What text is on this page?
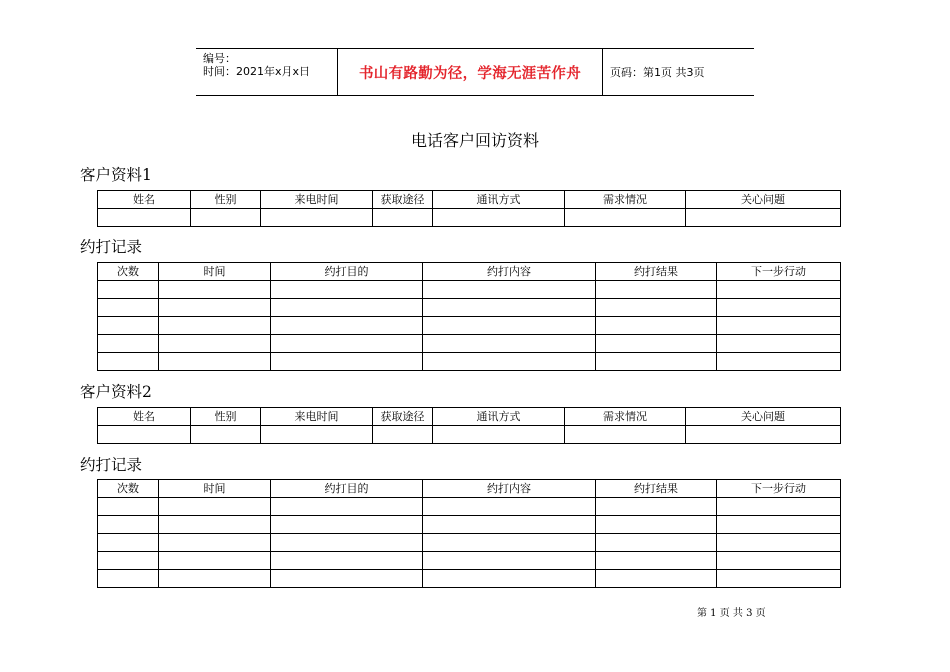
编号：
时间：2021年x月x日	书山有路勤为径，学海无涯苦作舟	页码：第1页 共3页
电话客户回访资料
客户资料1
姓名	性别	来电时间	获取途径	通讯方式	需求情况	关心问题

约打记录
次数	时间	约打目的	约打内容	约打结果	下一步行动

客户资料2
姓名	性别	来电时间	获取途径	通讯方式	需求情况	关心问题

约打记录
次数	时间	约打目的	约打内容	约打结果	下一步行动

第 1 页 共 3 页
